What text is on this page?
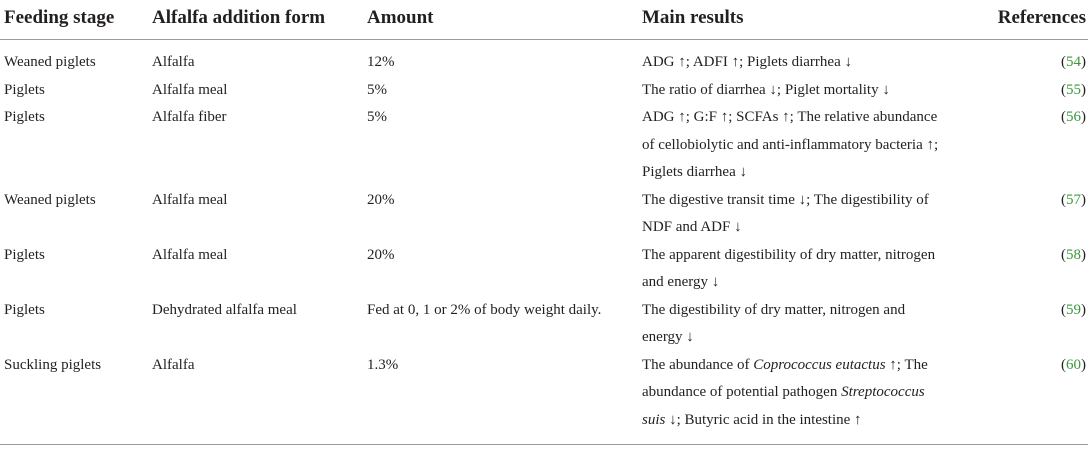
Feeding stage	Alfalfa addition form	Amount	Main results	References
Weaned piglets	Alfalfa	12%	ADG ↑; ADFI ↑; Piglets diarrhea ↓	(54)
Piglets	Alfalfa meal	5%	The ratio of diarrhea ↓; Piglet mortality ↓	(55)
Piglets	Alfalfa fiber	5%	ADG ↑; G:F ↑; SCFAs ↑; The relative abundance
of cellobiolytic and anti-inflammatory bacteria ↑;
Piglets diarrhea ↓	(56)
Weaned piglets	Alfalfa meal	20%	The digestive transit time ↓; The digestibility of
NDF and ADF ↓	(57)
Piglets	Alfalfa meal	20%	The apparent digestibility of dry matter, nitrogen
and energy ↓	(58)
Piglets	Dehydrated alfalfa meal	Fed at 0, 1 or 2% of body weight daily.	The digestibility of dry matter, nitrogen and
energy ↓	(59)
Suckling piglets	Alfalfa	1.3%	The abundance of Coprococcus eutactus ↑; The
abundance of potential pathogen Streptococcus
suis ↓; Butyric acid in the intestine ↑	(60)
